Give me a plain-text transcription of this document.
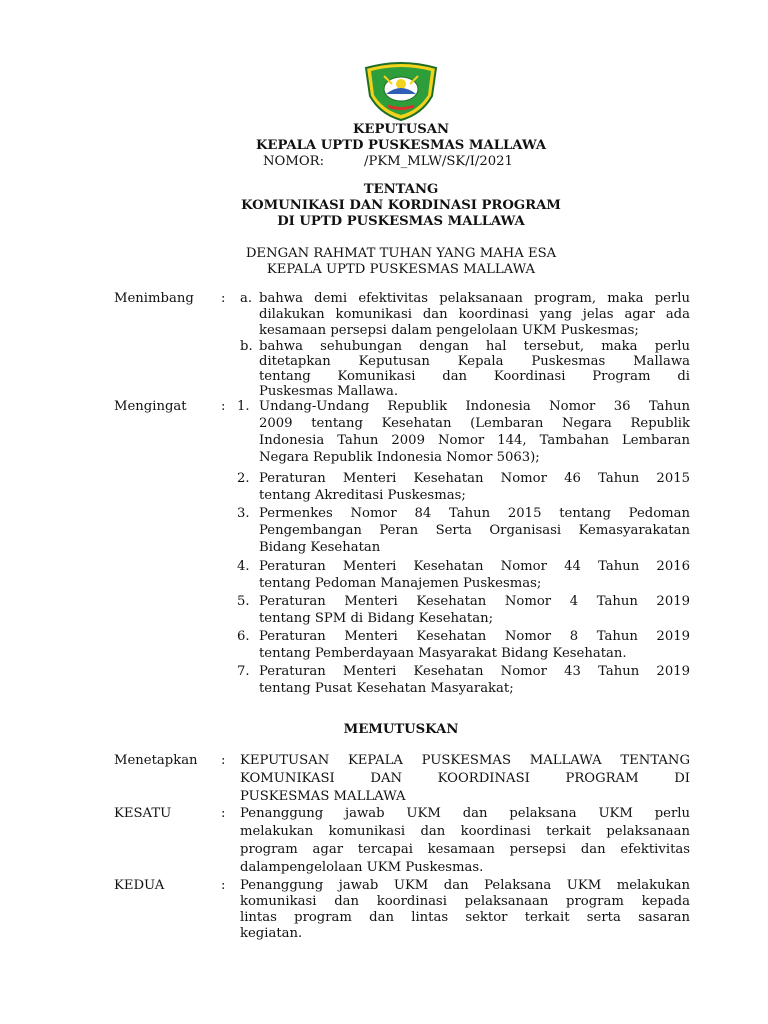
KEPUTUSAN
KEPALA UPTD PUSKESMAS MALLAWA
NOMOR:	/PKM_MLW/SK/I/2021
TENTANG
KOMUNIKASI DAN KORDINASI PROGRAM
DI UPTD PUSKESMAS MALLAWA
DENGAN RAHMAT TUHAN YANG MAHA ESA
KEPALA UPTD PUSKESMAS MALLAWA
Menimbang : a. bahwa demi efektivitas pelaksanaan program, maka perlu
dilakukan komunikasi dan koordinasi yang jelas agar ada
kesamaan persepsi dalam pengelolaan UKM Puskesmas;
b. bahwa sehubungan dengan hal tersebut, maka perlu
ditetapkan Keputusan Kepala Puskesmas Mallawa
tentang Komunikasi dan Koordinasi Program di
Puskesmas Mallawa.
Mengingat	: 1. Undang-Undang Republik Indonesia Nomor 36 Tahun
2009 tentang Kesehatan (Lembaran Negara Republik
Indonesia Tahun 2009 Nomor 144, Tambahan Lembaran
Negara Republik Indonesia Nomor 5063);
2. Peraturan Menteri Kesehatan Nomor 46 Tahun 2015
tentang Akreditasi Puskesmas;
3. Permenkes Nomor 84 Tahun 2015 tentang Pedoman
Pengembangan Peran Serta Organisasi Kemasyarakatan
Bidang Kesehatan
4. Peraturan Menteri Kesehatan Nomor 44 Tahun 2016
tentang Pedoman Manajemen Puskesmas;
5. Peraturan Menteri Kesehatan Nomor 4 Tahun 2019
tentang SPM di Bidang Kesehatan;
6. Peraturan Menteri Kesehatan Nomor 8 Tahun 2019
tentang Pemberdayaan Masyarakat Bidang Kesehatan.
7. Peraturan Menteri Kesehatan Nomor 43 Tahun 2019
tentang Pusat Kesehatan Masyarakat;
MEMUTUSKAN
Menetapkan : KEPUTUSAN KEPALA PUSKESMAS MALLAWA TENTANG
KOMUNIKASI DAN KOORDINASI PROGRAM DI
PUSKESMAS MALLAWA
KESATU	: Penanggung jawab UKM dan pelaksana UKM perlu
melakukan komunikasi dan koordinasi terkait pelaksanaan
program agar tercapai kesamaan persepsi dan efektivitas
dalampengelolaan UKM Puskesmas.
KEDUA	: Penanggung jawab UKM dan Pelaksana UKM melakukan
komunikasi dan koordinasi pelaksanaan program kepada
lintas program dan lintas sektor terkait serta sasaran
kegiatan.
